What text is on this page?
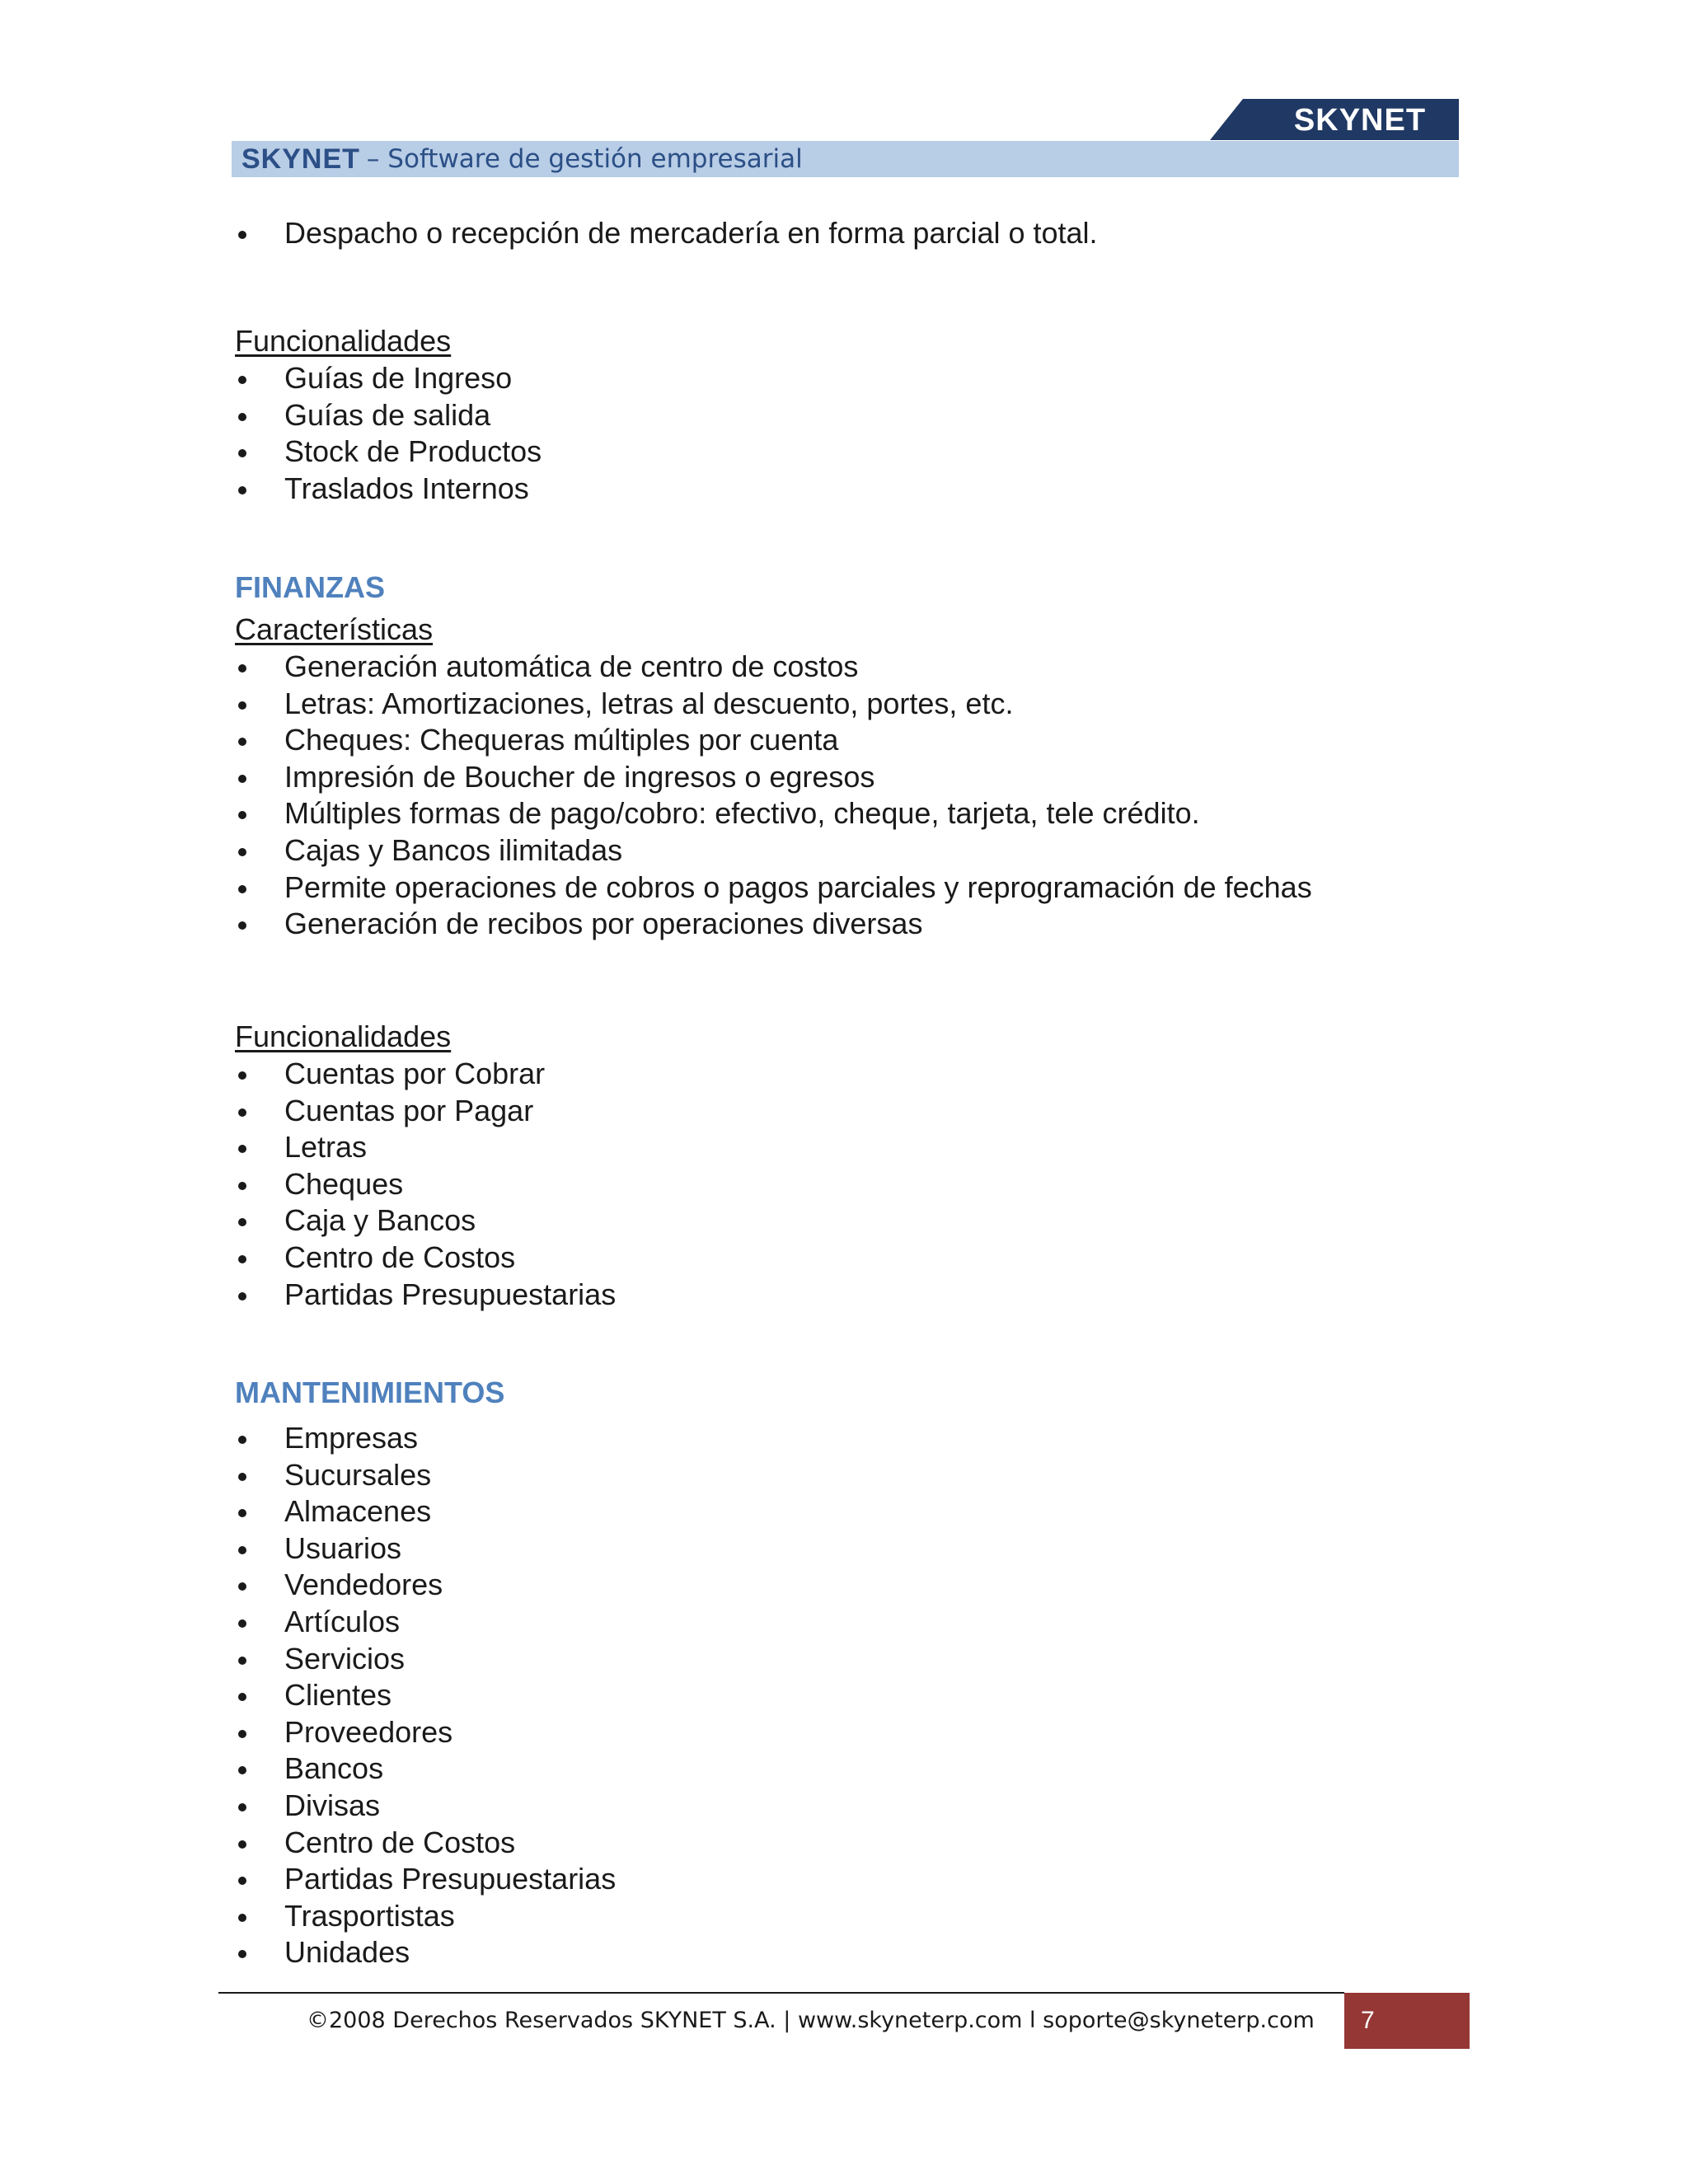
SKYNET
SKYNET – Software de gestión empresarial
Despacho o recepción de mercadería en forma parcial o total.
Funcionalidades
Guías de Ingreso
Guías de salida
Stock de Productos
Traslados Internos
FINANZAS
Características
Generación automática de centro de costos
Letras: Amortizaciones, letras al descuento, portes, etc.
Cheques: Chequeras múltiples por cuenta
Impresión de Boucher de ingresos o egresos
Múltiples formas de pago/cobro: efectivo, cheque, tarjeta, tele crédito.
Cajas y Bancos ilimitadas
Permite operaciones de cobros o pagos parciales y reprogramación de fechas
Generación de recibos por operaciones diversas
Funcionalidades
Cuentas por Cobrar
Cuentas por Pagar
Letras
Cheques
Caja y Bancos
Centro de Costos
Partidas Presupuestarias
MANTENIMIENTOS
Empresas
Sucursales
Almacenes
Usuarios
Vendedores
Artículos
Servicios
Clientes
Proveedores
Bancos
Divisas
Centro de Costos
Partidas Presupuestarias
Trasportistas
Unidades
©2008 Derechos Reservados SKYNET S.A. | www.skyneterp.com l soporte@skyneterp.com	7
